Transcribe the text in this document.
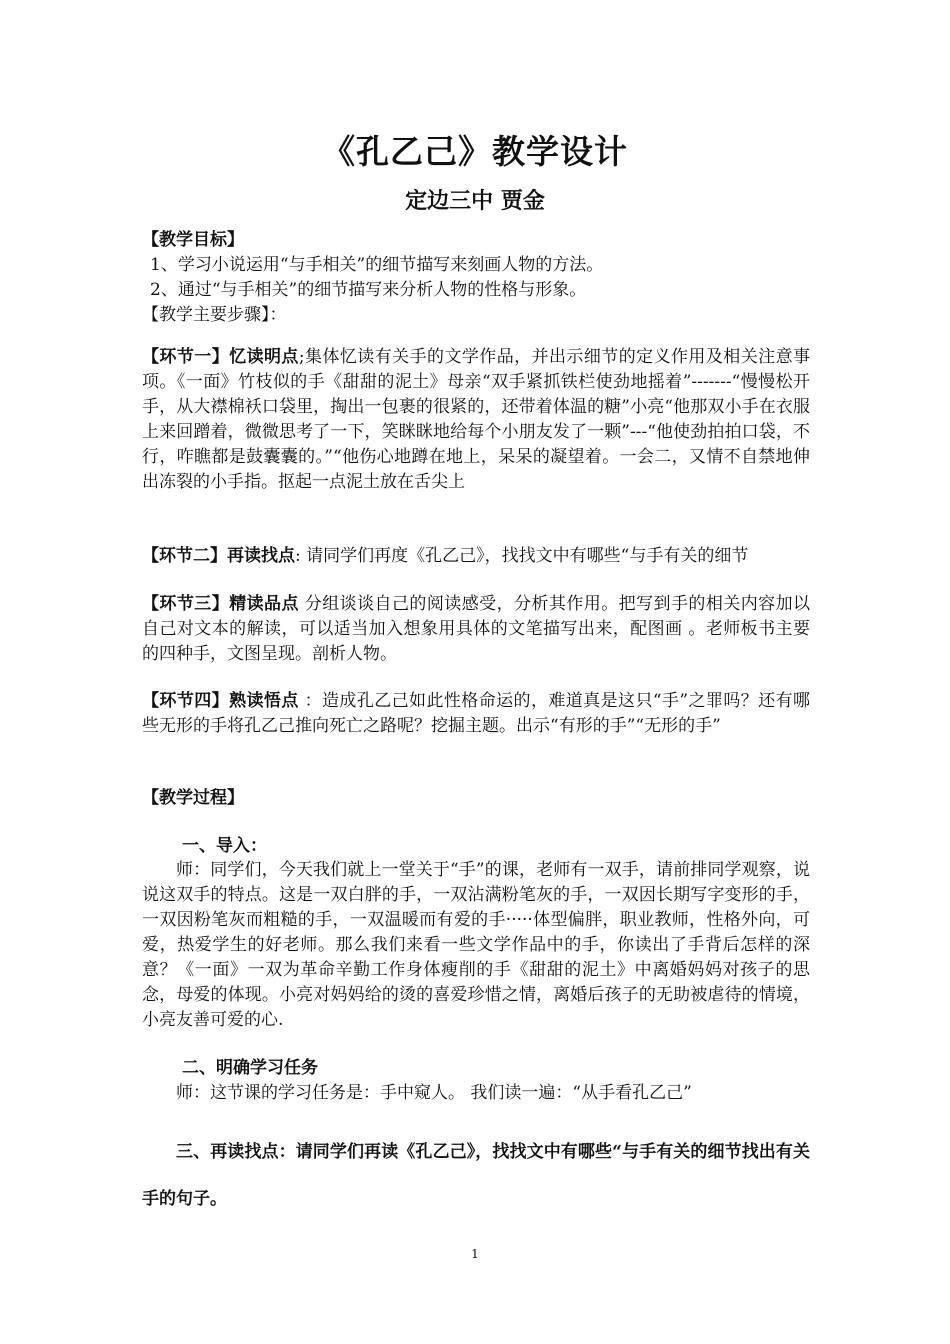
《孔乙己》教学设计
定边三中 贾金
【教学目标】
1、学习小说运用“与手相关”的细节描写来刻画人物的方法。
2、通过“与手相关”的细节描写来分析人物的性格与形象。
【教学主要步骤】：
【环节一】忆读明点;集体忆读有关手的文学作品，并出示细节的定义作用及相关注意事项。《一面》竹枝似的手《甜甜的泥土》母亲“双手紧抓铁栏使劲地摇着”-------“慢慢松开手，从大襟棉袄口袋里，掏出一包裹的很紧的，还带着体温的糖”小亮“他那双小手在衣服上来回蹭着，微微思考了一下，笑眯眯地给每个小朋友发了一颗”---“他使劲拍拍口袋，不行，咋瞧都是鼓囊囊的。”“他伤心地蹲在地上，呆呆的凝望着。一会二，又情不自禁地伸出冻裂的小手指。抠起一点泥土放在舌尖上
【环节二】再读找点: 请同学们再度《孔乙己》，找找文中有哪些“与手有关的细节
【环节三】精读品点 分组谈谈自己的阅读感受，分析其作用。把写到手的相关内容加以自己对文本的解读，可以适当加入想象用具体的文笔描写出来，配图画 。老师板书主要的四种手，文图呈现。剖析人物。
【环节四】熟读悟点 ：造成孔乙己如此性格命运的，难道真是这只“手”之罪吗？还有哪些无形的手将孔乙己推向死亡之路呢？挖掘主题。出示“有形的手”“无形的手”
【教学过程】
一、导入：
师：同学们，今天我们就上一堂关于“手”的课，老师有一双手，请前排同学观察，说说这双手的特点。这是一双白胖的手，一双沾满粉笔灰的手，一双因长期写字变形的手，一双因粉笔灰而粗糙的手，一双温暖而有爱的手·····体型偏胖，职业教师，性格外向，可爱，热爱学生的好老师。那么我们来看一些文学作品中的手，你读出了手背后怎样的深意？《一面》一双为革命辛勤工作身体瘦削的手《甜甜的泥土》中离婚妈妈对孩子的思念，母爱的体现。小亮对妈妈给的烫的喜爱珍惜之情，离婚后孩子的无助被虐待的情境，小亮友善可爱的心.
二、明确学习任务
师：这节课的学习任务是：手中窥人。 我们读一遍：“从手看孔乙己”
三、再读找点：请同学们再读《孔乙己》，找找文中有哪些“与手有关的细节找出有关手的句子。
1
